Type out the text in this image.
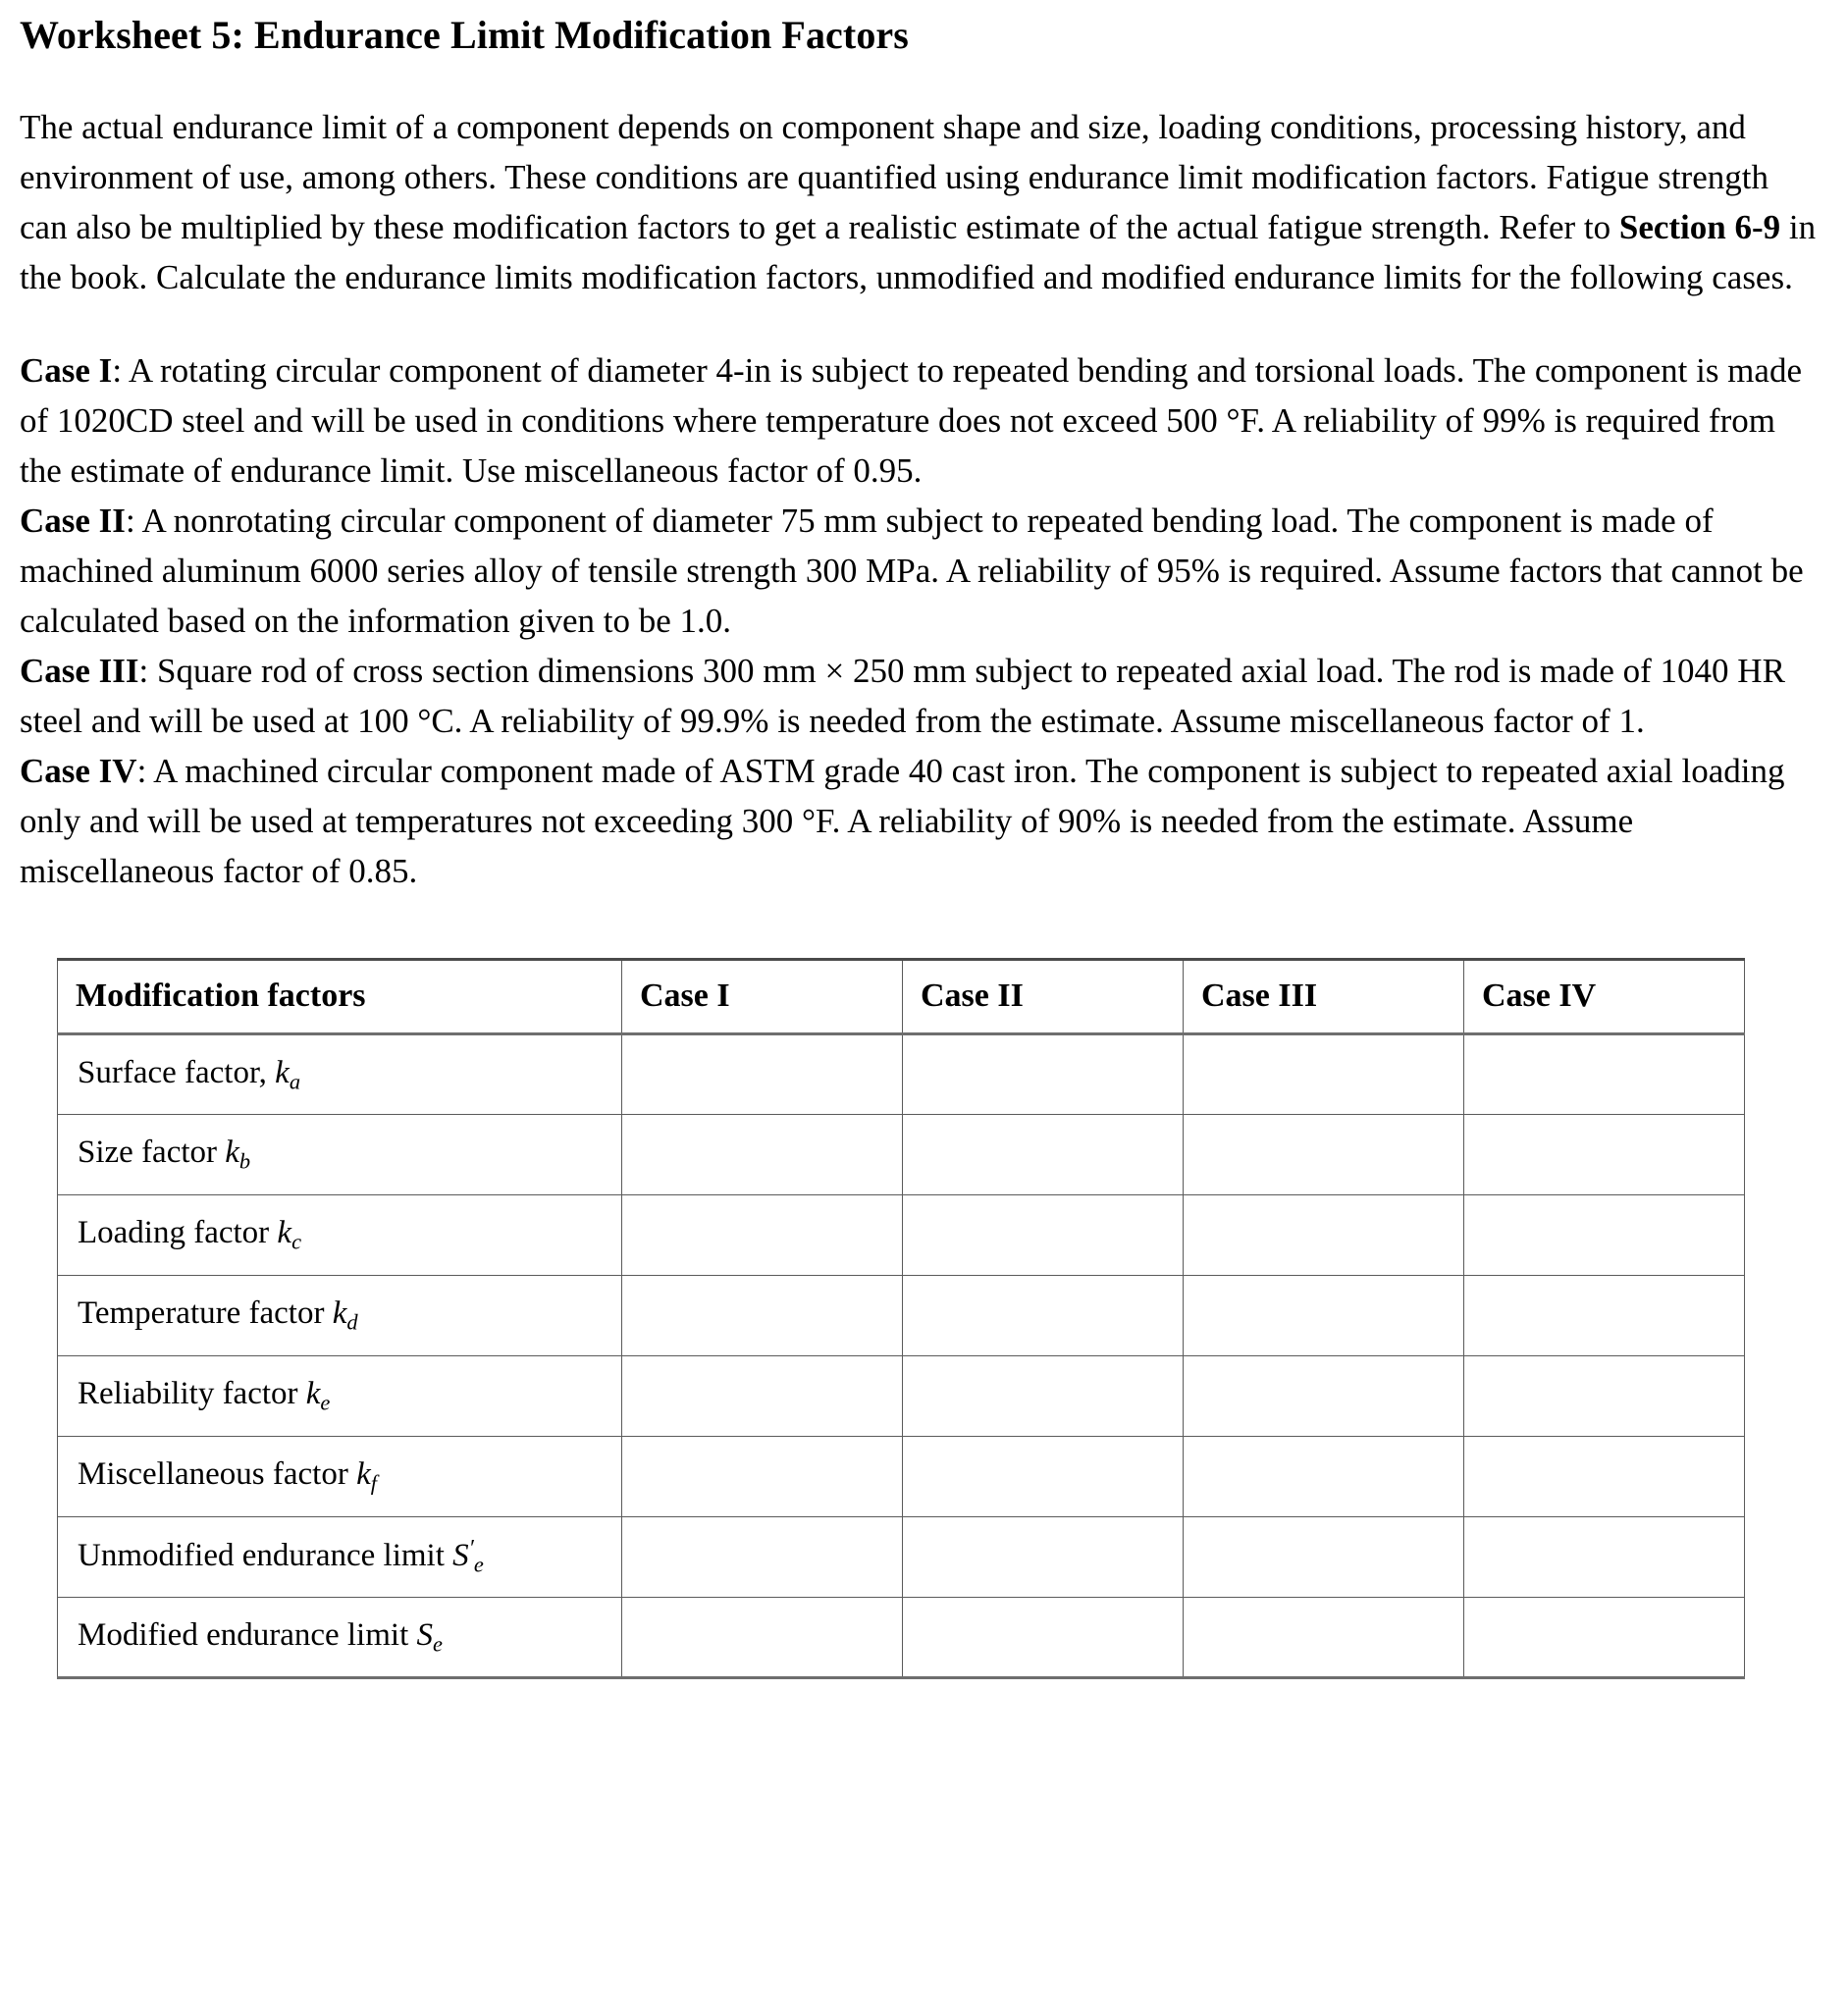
Worksheet 5: Endurance Limit Modification Factors
The actual endurance limit of a component depends on component shape and size, loading conditions, processing history, and environment of use, among others. These conditions are quantified using endurance limit modification factors. Fatigue strength can also be multiplied by these modification factors to get a realistic estimate of the actual fatigue strength. Refer to Section 6-9 in the book. Calculate the endurance limits modification factors, unmodified and modified endurance limits for the following cases.

Case I: A rotating circular component of diameter 4-in is subject to repeated bending and torsional loads. The component is made of 1020CD steel and will be used in conditions where temperature does not exceed 500 °F. A reliability of 99% is required from the estimate of endurance limit. Use miscellaneous factor of 0.95.

Case II: A nonrotating circular component of diameter 75 mm subject to repeated bending load. The component is made of machined aluminum 6000 series alloy of tensile strength 300 MPa. A reliability of 95% is required. Assume factors that cannot be calculated based on the information given to be 1.0.

Case III: Square rod of cross section dimensions 300 mm × 250 mm subject to repeated axial load. The rod is made of 1040 HR steel and will be used at 100 °C. A reliability of 99.9% is needed from the estimate. Assume miscellaneous factor of 1.

Case IV: A machined circular component made of ASTM grade 40 cast iron. The component is subject to repeated axial loading only and will be used at temperatures not exceeding 300 °F. A reliability of 90% is needed from the estimate. Assume miscellaneous factor of 0.85.

Modification factors	Case I	Case II	Case III	Case IV
Surface factor, $k_a$				
Size factor $k_b$				
Loading factor $k_c$				
Temperature factor $k_d$				
Reliability factor $k_e$				
Miscellaneous factor $k_f$				
Unmodified endurance limit $S'_e$				
Modified endurance limit $S_e$				
